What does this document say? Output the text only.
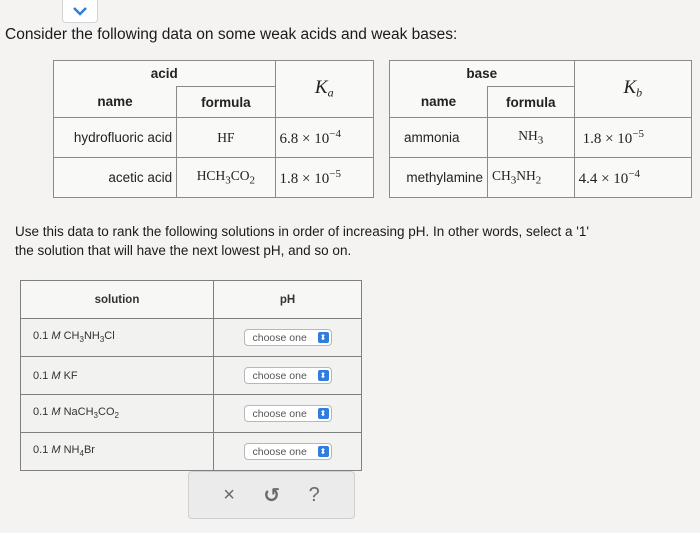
Consider the following data on some weak acids and weak bases:
acid		$K_a$
name	formula	
hydrofluoric acid	HF	$6.8 \times 10^{-4}$
acetic acid	$HCH_3CO_2$	$1.8 \times 10^{-5}$
base		$K_b$
name	formula	
ammonia	$NH_3$	$1.8 \times 10^{-5}$
methylamine	$CH_3NH_2$	$4.4 \times 10^{-4}$
Use this data to rank the following solutions in order of increasing pH. In other words, select a '1'
the solution that will have the next lowest pH, and so on.
solution	pH
0.1 M $CH_3NH_3Cl$	choose one ⬍

0.1 M KF	choose one ⬍

0.1 M $NaCH_3CO_2$	choose one ⬍

0.1 M $NH_4Br$	choose one ⬍
× ↺ ?
